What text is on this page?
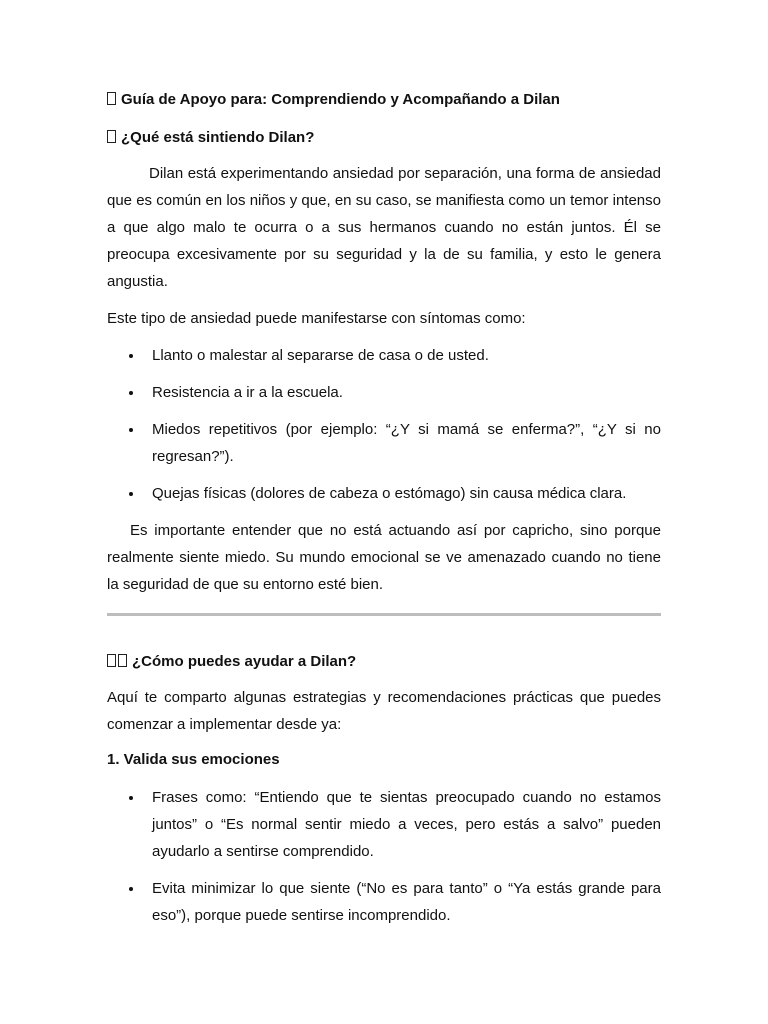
Guía de Apoyo para: Comprendiendo y Acompañando a Dilan
¿Qué está sintiendo Dilan?

Dilan está experimentando ansiedad por separación, una forma de ansiedad que es común en los niños y que, en su caso, se manifiesta como un temor intenso a que algo malo te ocurra o a sus hermanos cuando no están juntos. Él se preocupa excesivamente por su seguridad y la de su familia, y esto le genera angustia.

Este tipo de ansiedad puede manifestarse con síntomas como:

Llanto o malestar al separarse de casa o de usted.
Resistencia a ir a la escuela.
Miedos repetitivos (por ejemplo: “¿Y si mamá se enferma?”, “¿Y si no regresan?”).
Quejas físicas (dolores de cabeza o estómago) sin causa médica clara.

Es importante entender que no está actuando así por capricho, sino porque realmente siente miedo. Su mundo emocional se ve amenazado cuando no tiene la seguridad de que su entorno esté bien.

¿Cómo puedes ayudar a Dilan?

Aquí te comparto algunas estrategias y recomendaciones prácticas que puedes comenzar a implementar desde ya:

1. Valida sus emociones
Frases como: “Entiendo que te sientas preocupado cuando no estamos juntos” o “Es normal sentir miedo a veces, pero estás a salvo” pueden ayudarlo a sentirse comprendido.
Evita minimizar lo que siente (“No es para tanto” o “Ya estás grande para eso”), porque puede sentirse incomprendido.
